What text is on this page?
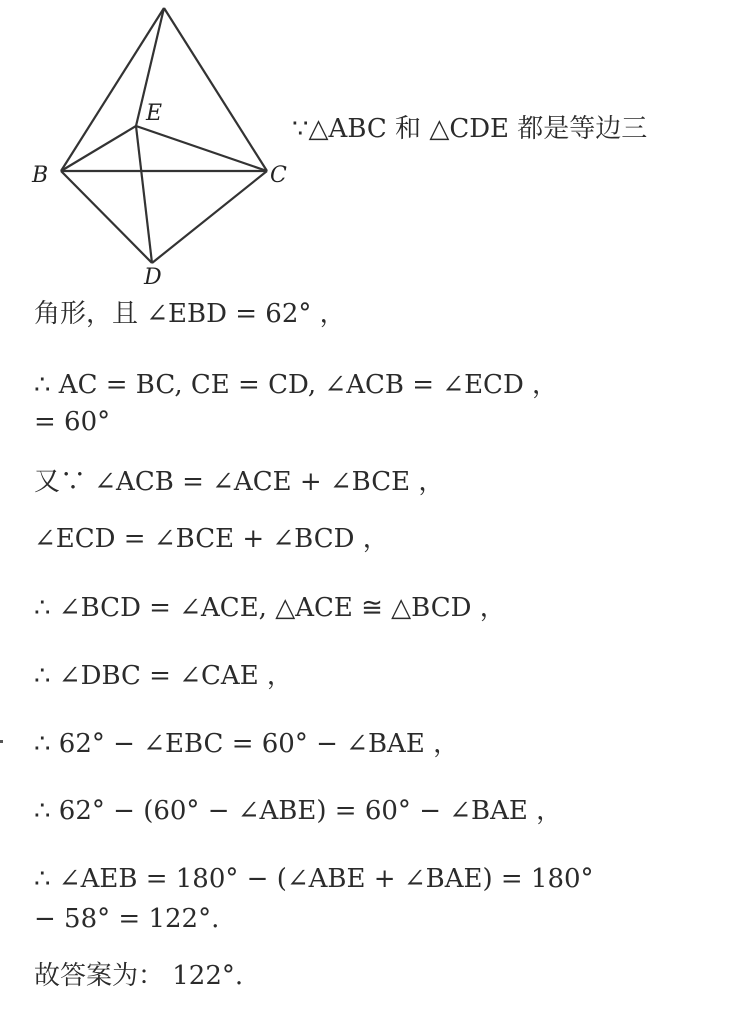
E
B	C
D
∵△ABC 和 △CDE 都是等边三
角形，且 ∠EBD = 62° ，
∴ AC = BC, CE = CD, ∠ACB = ∠ECD ，
= 60°
又∵ ∠ACB = ∠ACE + ∠BCE ，
∠ECD = ∠BCE + ∠BCD ，
∴ ∠BCD = ∠ACE, △ACE ≅ △BCD ，
∴ ∠DBC = ∠CAE ，
∴ 62° − ∠EBC = 60° − ∠BAE ，
∴ 62° − (60° − ∠ABE) = 60° − ∠BAE ，
∴ ∠AEB = 180° − (∠ABE + ∠BAE) = 180°
− 58° = 122°.
故答案为： 122°.
